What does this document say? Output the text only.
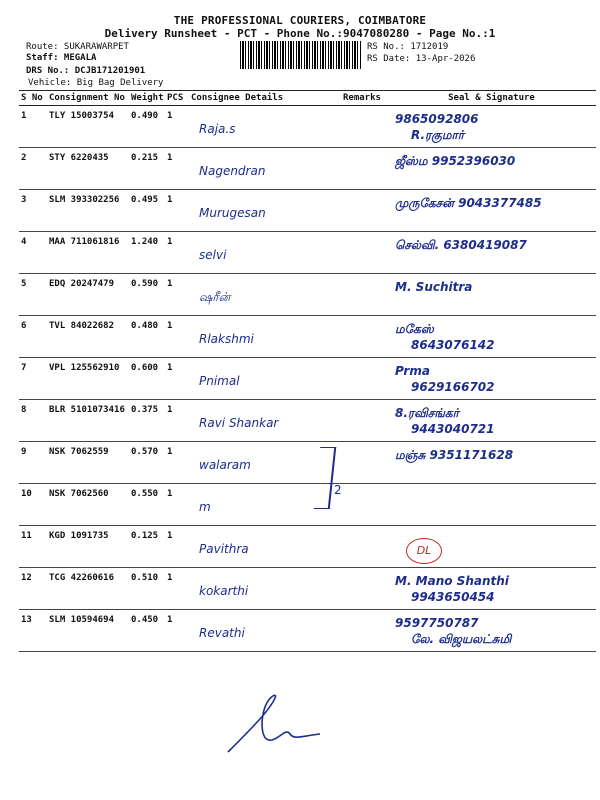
THE PROFESSIONAL COURIERS, COIMBATORE
Delivery Runsheet - PCT - Phone No.:9047080280 - Page No.:1
Route: SUKARAWARPET
Staff: MEGALA
DRS No.: DCJB171201901
Vehicle: Big Bag Delivery
RS No.: 1712019
RS Date: 13-Apr-2026
S No	Consignment No	Weight	PCS	Consignee Details	Remarks	Seal & Signature
1	TLY 15003754	0.490	1	Raja.s		9865092806
R.ரகுமார்

2	STY 6220435	0.215	1	Nagendran		ஜீஸ்ம 9952396030

3	SLM 393302256	0.495	1	Murugesan		முருகேசன் 9043377485

4	MAA 711061816	1.240	1	selvi		செல்வி. 6380419087

5	EDQ 20247479	0.590	1	ஷரீன்		M. Suchitra

6	TVL 84022682	0.480	1	Rlakshmi		மகேஸ்
8643076142

7	VPL 125562910	0.600	1	Pnimal		Prma
9629166702

8	BLR 5101073416	0.375	1	Ravi Shankar		8.ரவிசங்கர்
9443040721

9	NSK 7062559	0.570	1	walaram		மஞ்சு 9351171628

10	NSK 7062560	0.550	1	m		

11	KGD 1091735	0.125	1	Pavithra		

12	TCG 42260616	0.510	1	kokarthi		M. Mano Shanthi
9943650454

13	SLM 10594694	0.450	1	Revathi		9597750787
லே. விஜயலட்சுமி
2
DL
